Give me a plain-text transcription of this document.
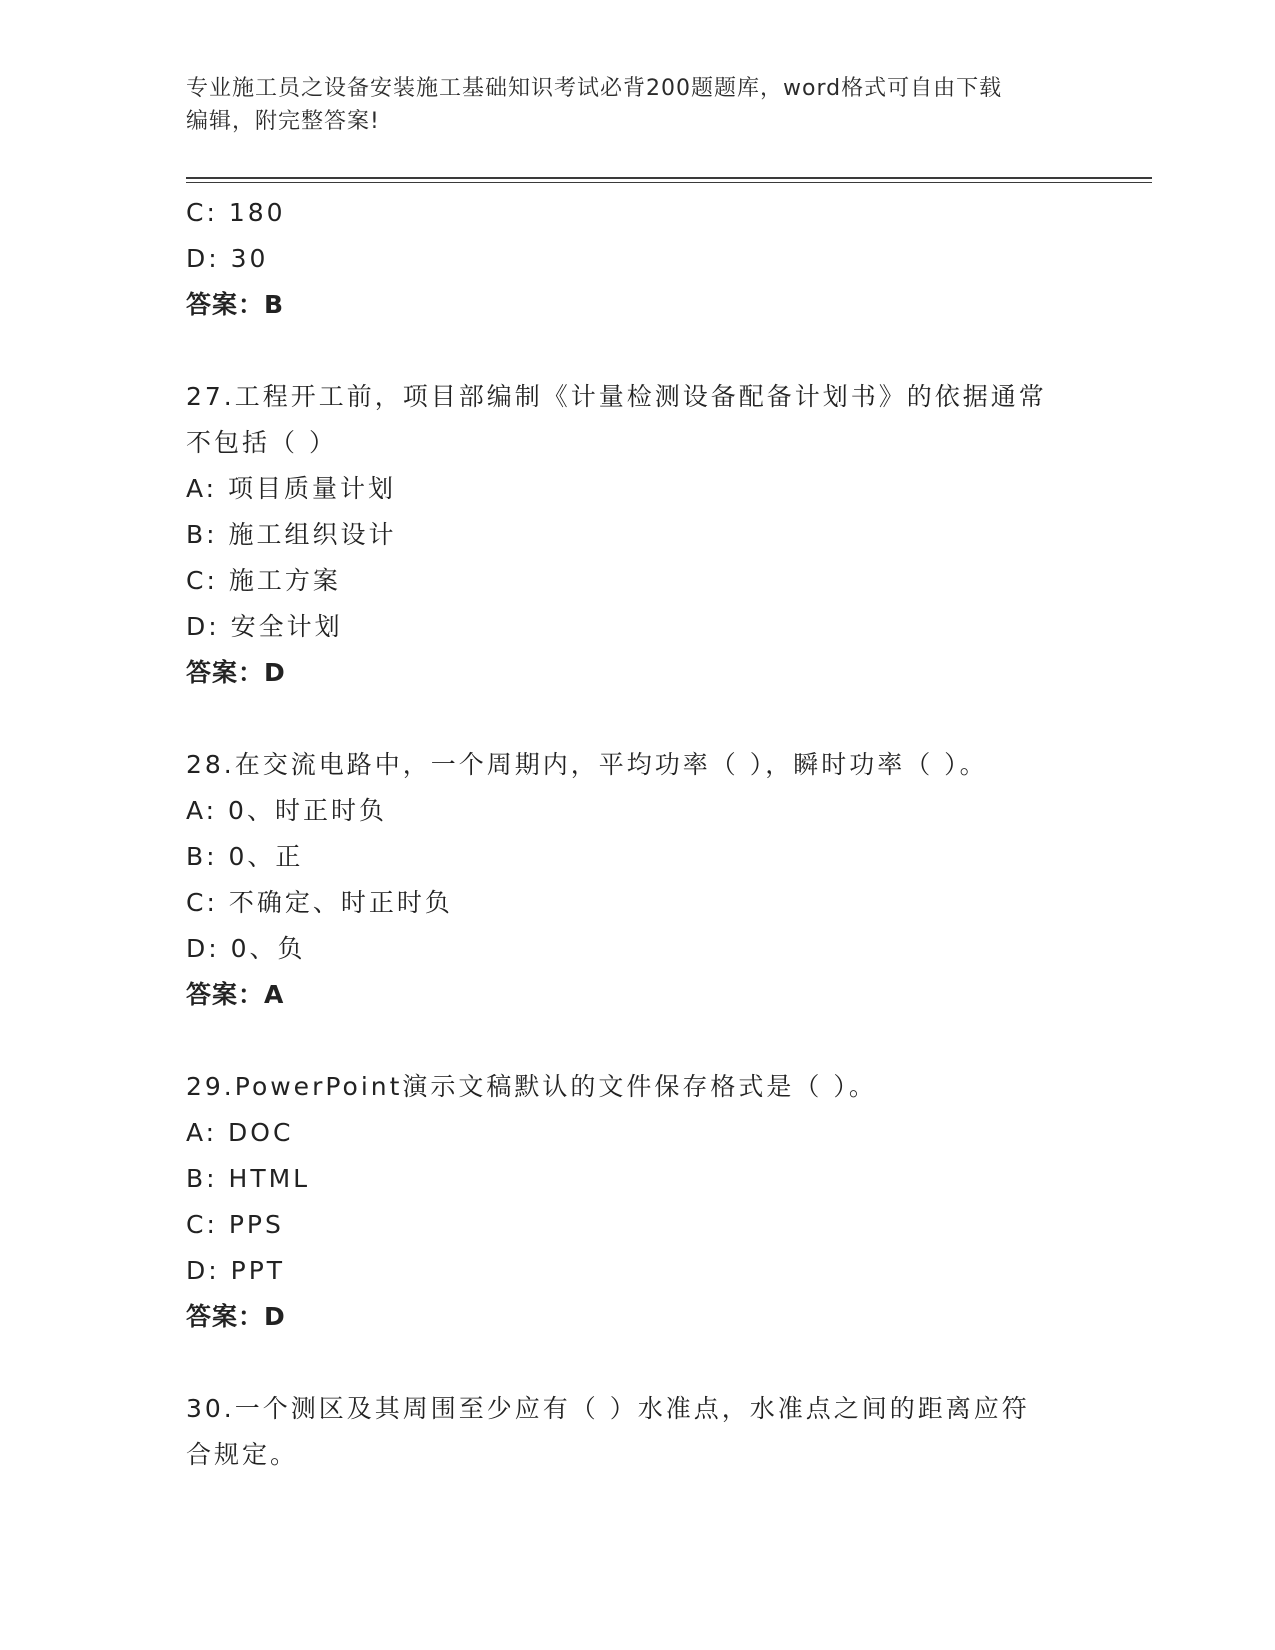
专业施工员之设备安装施工基础知识考试必背200题题库，word格式可自由下载
编辑，附完整答案!
C: 180
D: 30
答案：B
27.工程开工前，项目部编制《计量检测设备配备计划书》的依据通常
不包括（ ）
A: 项目质量计划
B: 施工组织设计
C: 施工方案
D: 安全计划
答案：D
28.在交流电路中，一个周期内，平均功率（ ），瞬时功率（ ）。
A: 0、时正时负
B: 0、正
C: 不确定、时正时负
D: 0、负
答案：A
29.PowerPoint演示文稿默认的文件保存格式是（ ）。
A: DOC
B: HTML
C: PPS
D: PPT
答案：D
30.一个测区及其周围至少应有（ ）水准点，水准点之间的距离应符
合规定。
